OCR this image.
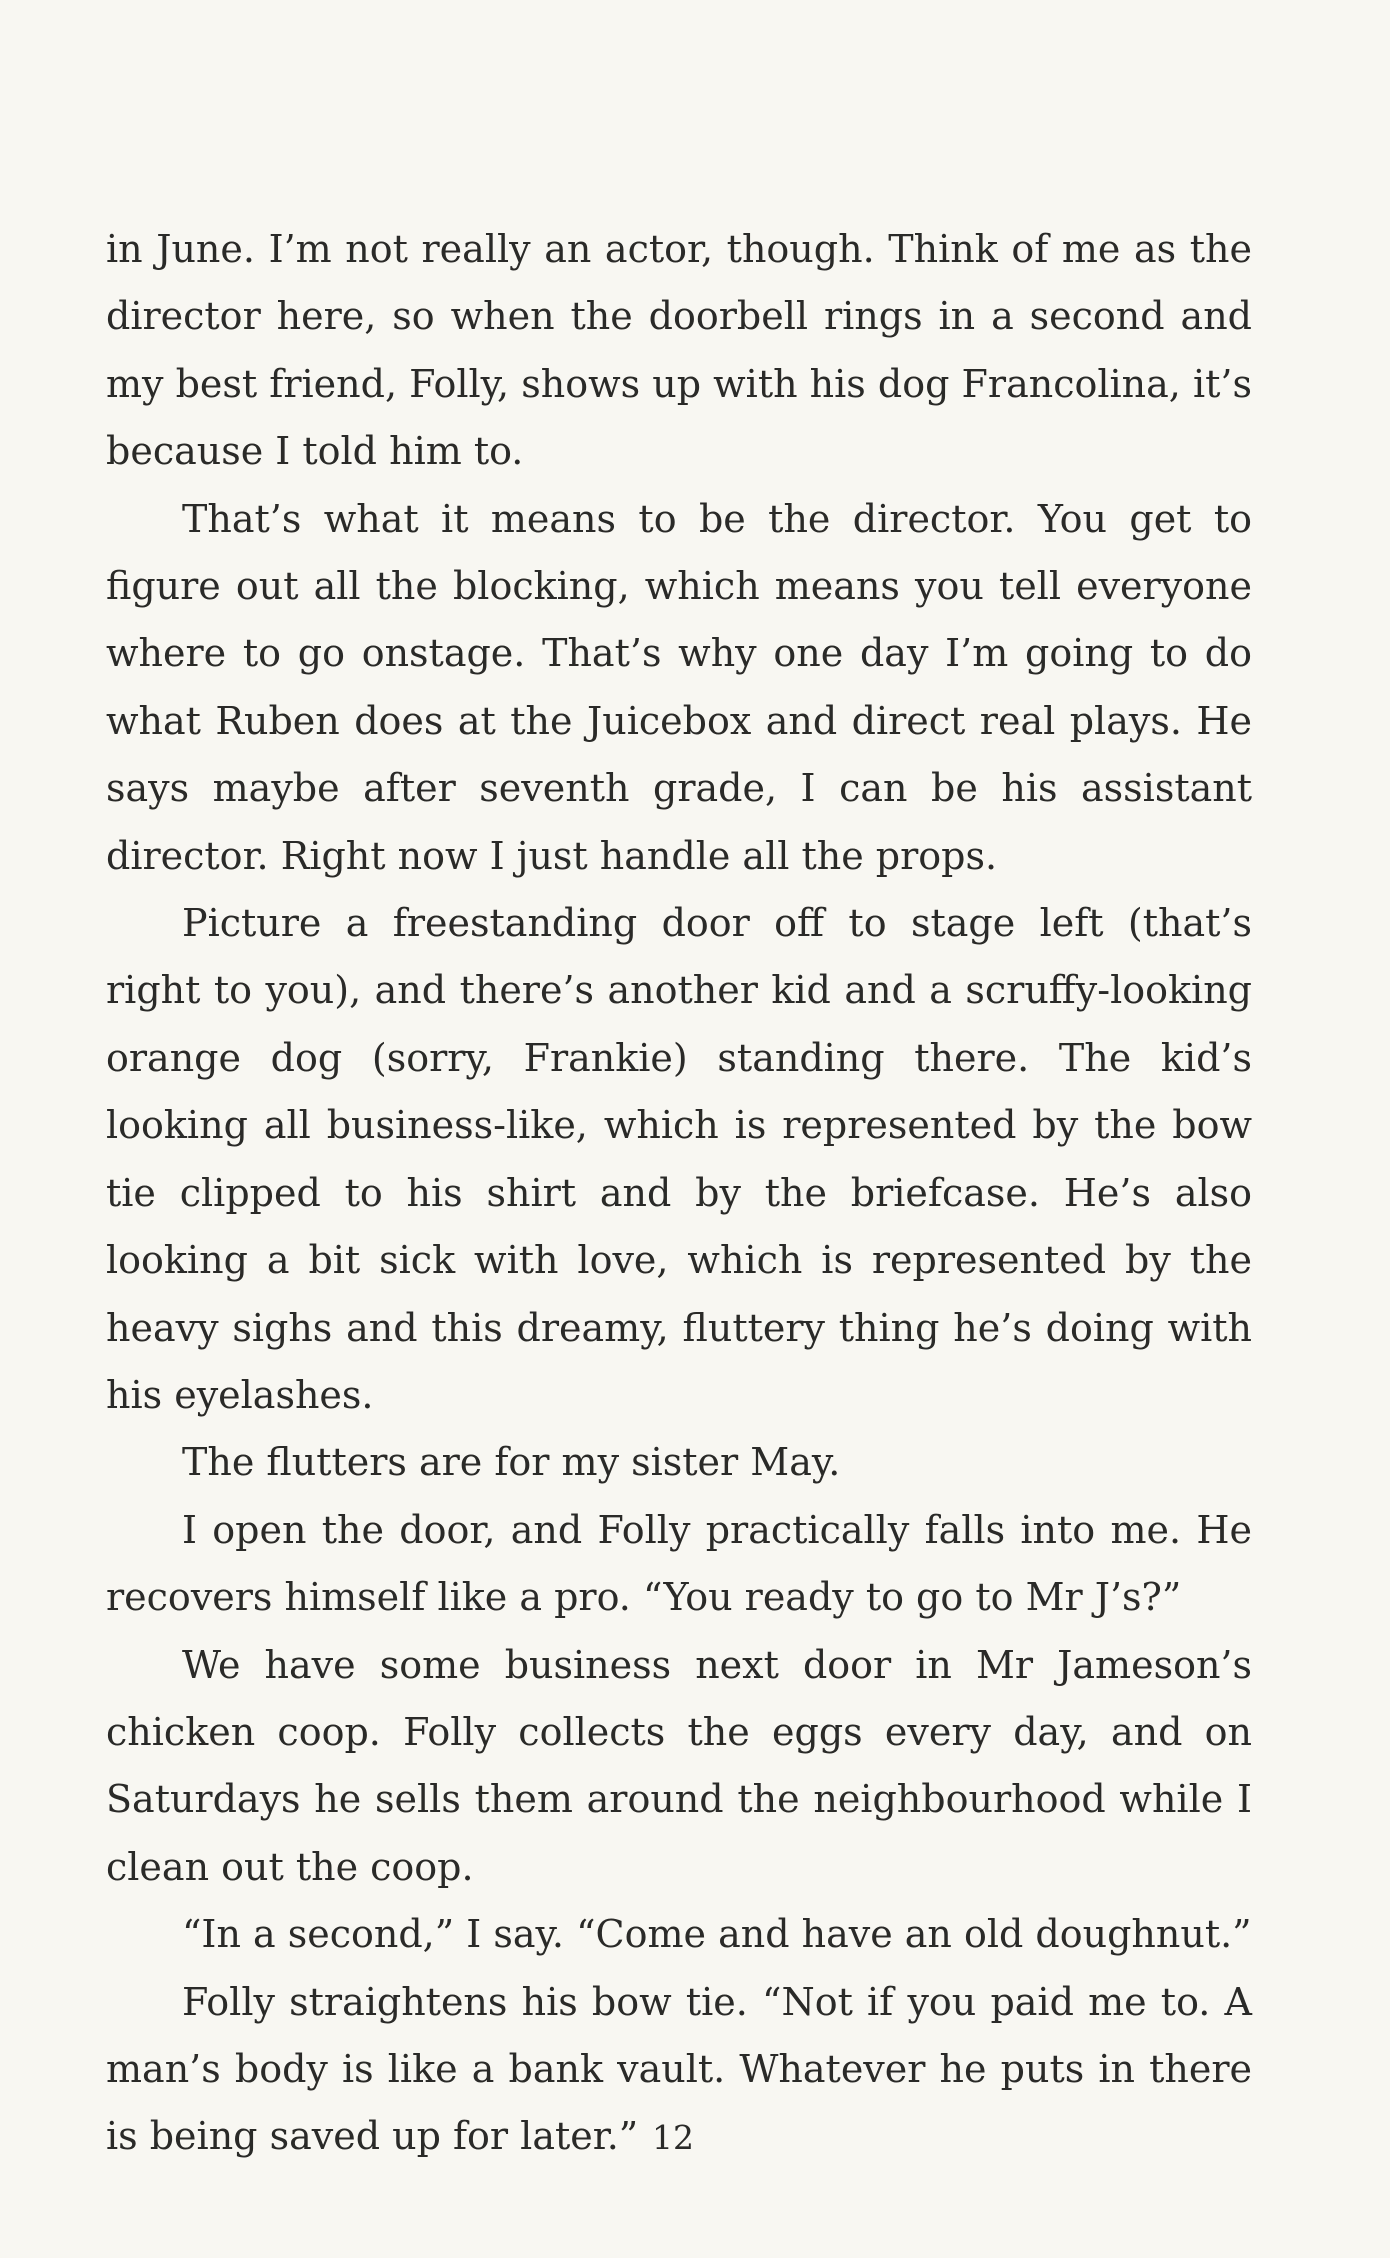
in June. I’m not really an actor, though. Think of me as the director here, so when the doorbell rings in a second and my best friend, Folly, shows up with his dog Francolina, it’s because I told him to.

That’s what it means to be the director. You get to figure out all the blocking, which means you tell everyone where to go onstage. That’s why one day I’m going to do what Ruben does at the Juicebox and direct real plays. He says maybe after seventh grade, I can be his assistant director. Right now I just handle all the props.

Picture a freestanding door off to stage left (that’s right to you), and there’s another kid and a scruffy-looking orange dog (sorry, Frankie) standing there. The kid’s looking all business-like, which is represented by the bow tie clipped to his shirt and by the briefcase. He’s also looking a bit sick with love, which is represented by the heavy sighs and this dreamy, fluttery thing he’s doing with his eyelashes.

The flutters are for my sister May.

I open the door, and Folly practically falls into me. He recovers himself like a pro. “You ready to go to Mr J’s?”

We have some business next door in Mr Jameson’s chicken coop. Folly collects the eggs every day, and on Saturdays he sells them around the neighbourhood while I clean out the coop.

“In a second,” I say. “Come and have an old doughnut.”

Folly straightens his bow tie. “Not if you paid me to. A man’s body is like a bank vault. Whatever he puts in there is being saved up for later.” 12
